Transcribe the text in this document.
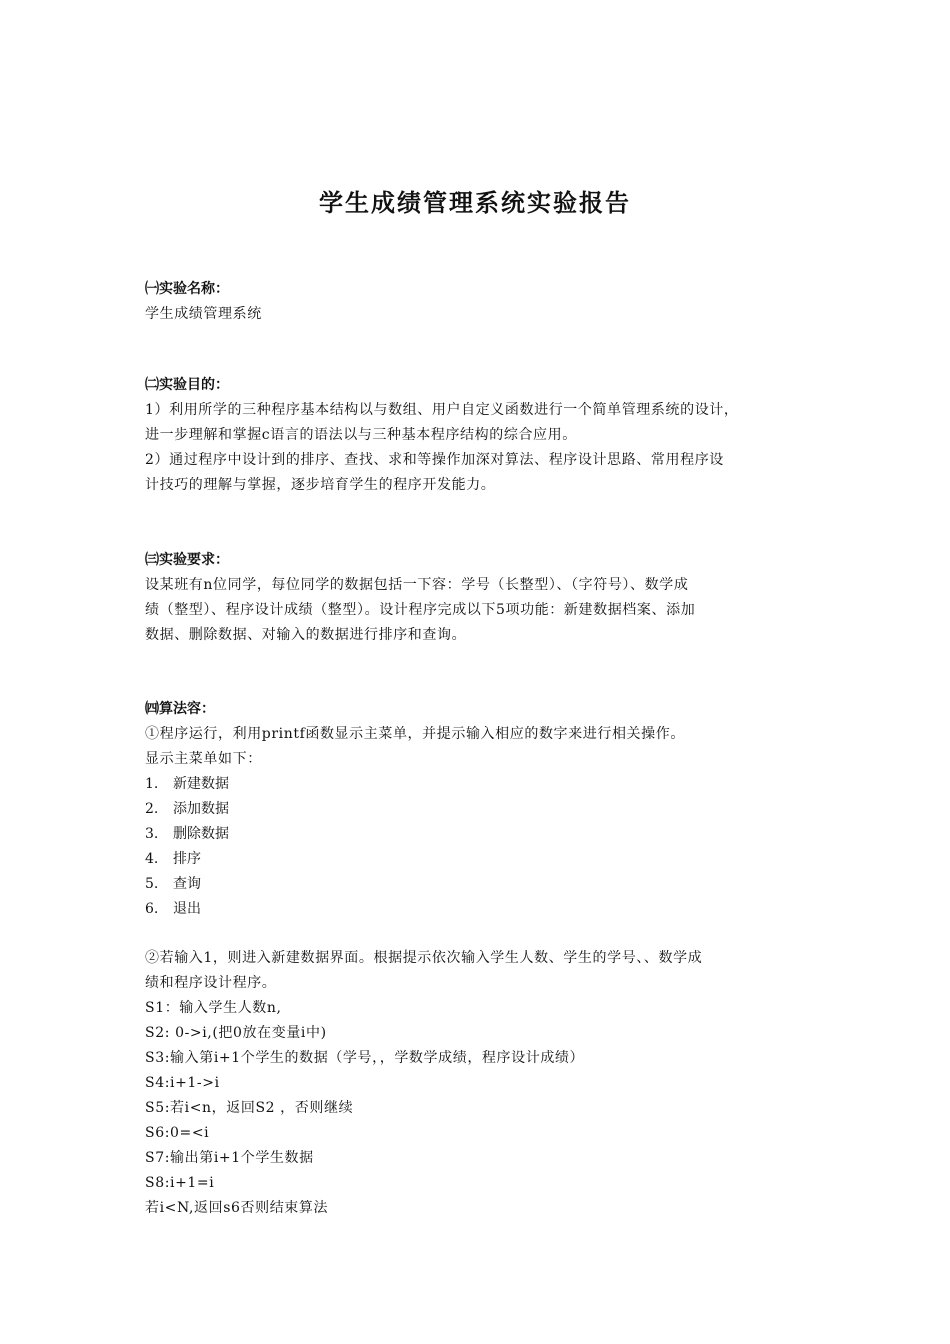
学生成绩管理系统实验报告
㈠实验名称：
学生成绩管理系统
㈡实验目的：
1）利用所学的三种程序基本结构以与数组、用户自定义函数进行一个简单管理系统的设计，
进一步理解和掌握c语言的语法以与三种基本程序结构的综合应用。
2）通过程序中设计到的排序、查找、求和等操作加深对算法、程序设计思路、常用程序设
计技巧的理解与掌握，逐步培育学生的程序开发能力。
㈢实验要求：
设某班有n位同学，每位同学的数据包括一下容：学号（长整型）、（字符号）、数学成
绩（整型）、程序设计成绩（整型）。设计程序完成以下5项功能：新建数据档案、添加
数据、删除数据、对输入的数据进行排序和查询。
㈣算法容：
①程序运行，利用printf函数显示主菜单，并提示输入相应的数字来进行相关操作。
显示主菜单如下：
1. 新建数据
2. 添加数据
3. 删除数据
4. 排序
5. 查询
6. 退出
②若输入1，则进入新建数据界面。根据提示依次输入学生人数、学生的学号、、数学成
绩和程序设计程序。
S1：输入学生人数n,
S2: 0->i,(把0放在变量i中)
S3:输入第i+1个学生的数据（学号，，学数学成绩，程序设计成绩）
S4:i+1->i
S5:若i<n，返回S2 ，否则继续
S6:0=<i
S7:输出第i+1个学生数据
S8:i+1=i
若i<N,返回s6否则结束算法
